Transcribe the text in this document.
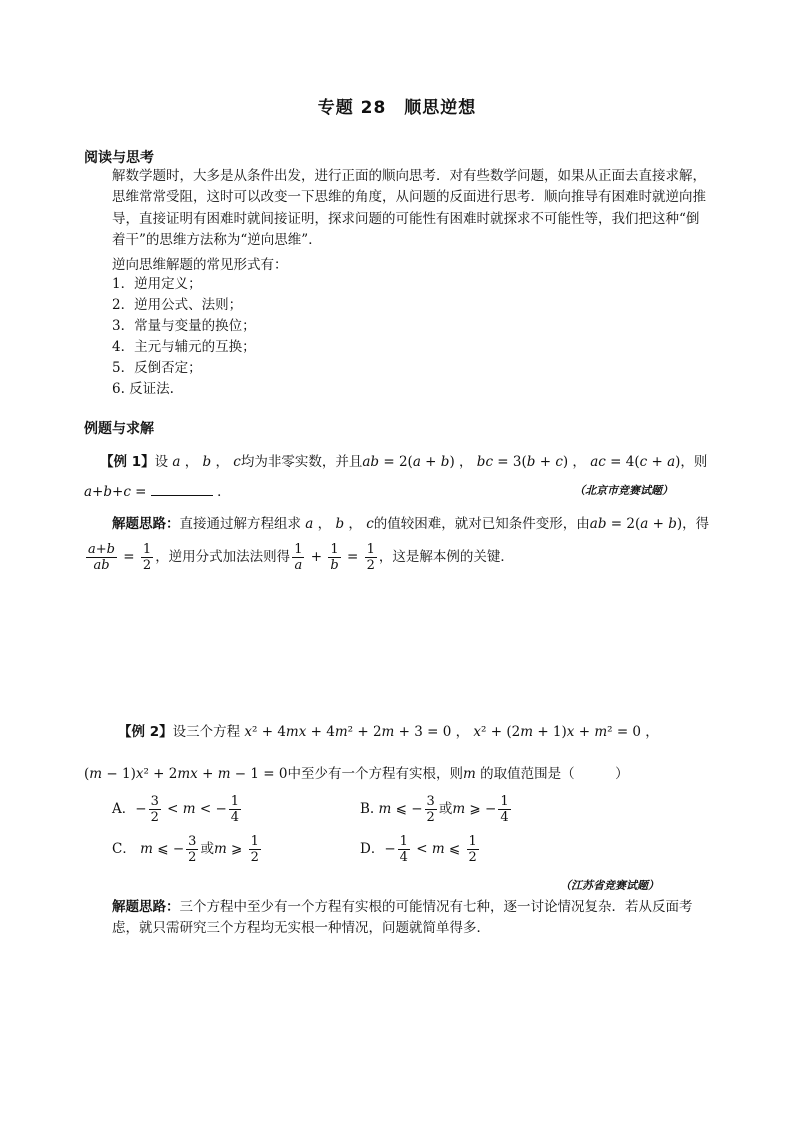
专题 28　顺思逆想
阅读与思考
解数学题时，大多是从条件出发，进行正面的顺向思考．对有些数学问题，如果从正面去直接求解，思维常常受阻，这时可以改变一下思维的角度，从问题的反面进行思考．顺向推导有困难时就逆向推导，直接证明有困难时就间接证明，探求问题的可能性有困难时就探求不可能性等，我们把这种“倒着干”的思维方法称为“逆向思维”．
逆向思维解题的常见形式有：
1．逆用定义；
2．逆用公式、法则；
3．常量与变量的换位；
4．主元与辅元的互换；
5．反倒否定；
6. 反证法.
例题与求解
【例 1】设 a ， b ， c均为非零实数，并且ab = 2(a + b) ， bc = 3(b + c) ， ac = 4(c + a)，则
a+b+c =	．	（北京市竞赛试题）
解题思路：直接通过解方程组求 a ， b ， c的值较困难，就对已知条件变形，由ab = 2(a + b)，得
$\frac{a+b}{ab} = \frac{1}{2}$ ，逆用分式加法法则得 $\frac{1}{a} + \frac{1}{b} = \frac{1}{2}$ ，这是解本例的关键．
【例 2】设三个方程 x² + 4mx + 4m² + 2m + 3 = 0 ， x² + (2m + 1)x + m² = 0 ，
(m − 1)x² + 2mx + m − 1 = 0中至少有一个方程有实根，则m 的取值范围是（　　　）
A．− $\frac{3}{2} < m$ < − $\frac{1}{4}$	B. m ⩽ − $\frac{3}{2}$ 或m ⩾ − $\frac{1}{4}$
C． m ⩽ − $\frac{3}{2}$ 或m ⩾ $\frac{1}{2}$	D．− $\frac{1}{4} < m$ ⩽ $\frac{1}{2}$
（江苏省竞赛试题）
解题思路：三个方程中至少有一个方程有实根的可能情况有七种，逐一讨论情况复杂．若从反面考虑，就只需研究三个方程均无实根一种情况，问题就简单得多．
